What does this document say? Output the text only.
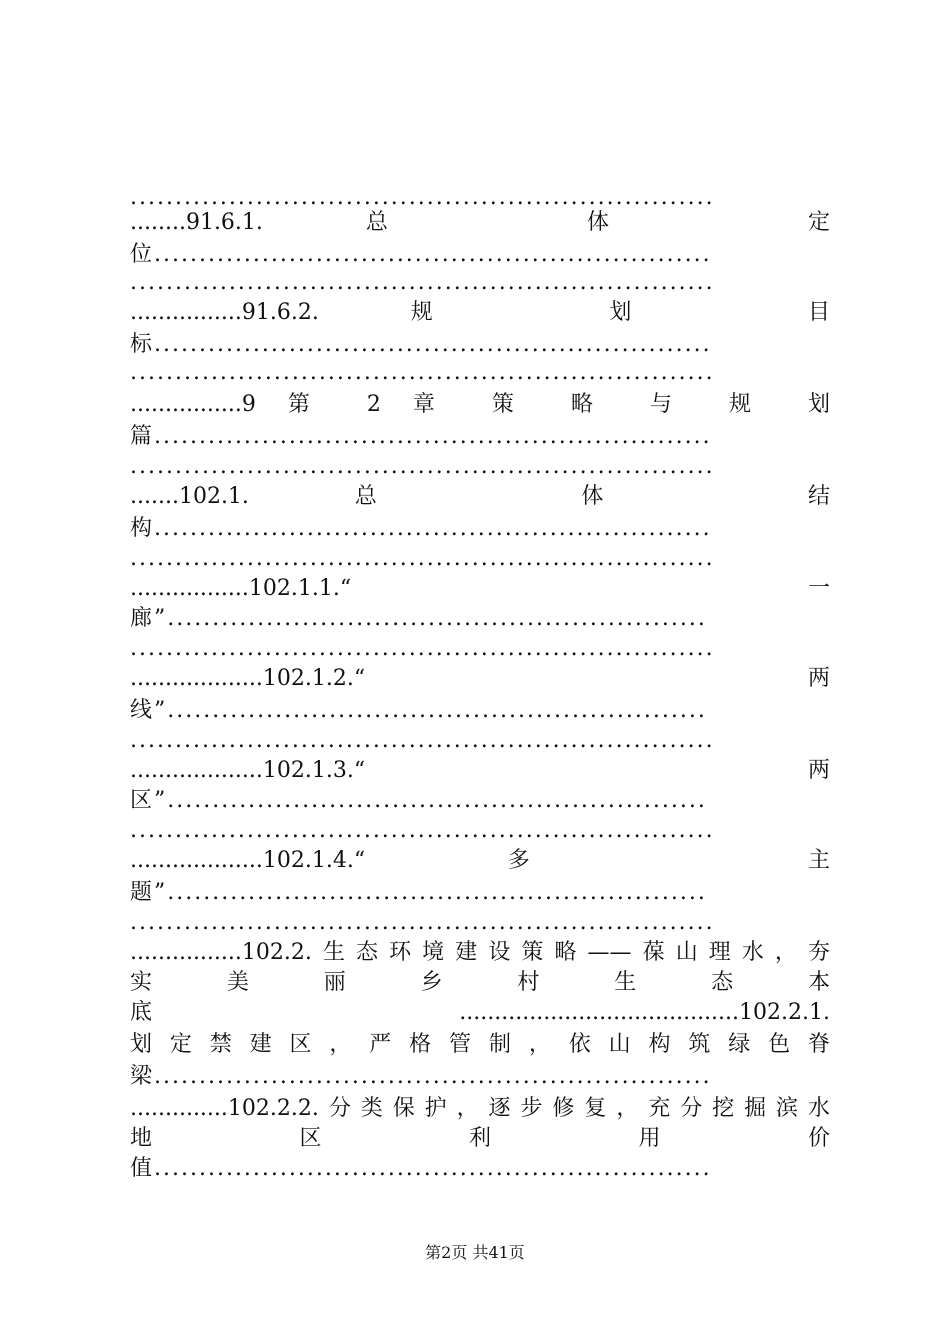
.................................................................
........91.6.1. 总 体 定
位..............................................................
.................................................................
................91.6.2. 规 划 目
标..............................................................
.................................................................
................9 第 2 章 策 略 与 规 划
篇..............................................................
.................................................................
.......102.1. 总 体 结
构..............................................................
.................................................................
.................102.1.1.“ 一
廊”............................................................
.................................................................
...................102.1.2.“ 两
线”............................................................
.................................................................
...................102.1.3.“ 两
区”............................................................
.................................................................
...................102.1.4.“ 多 主
题”............................................................
.................................................................
................102.2.生态环境建设策略——葆山理水，夯
实 美 丽 乡 村 生 态 本
底 ........................................102.2.1.
划 定 禁 建 区 ， 严 格 管 制 ， 依 山 构 筑 绿 色 脊
梁..............................................................
..............102.2.2.分类保护，逐步修复，充分挖掘滨水
地 区 利 用 价
值..............................................................
第2页 共41页
